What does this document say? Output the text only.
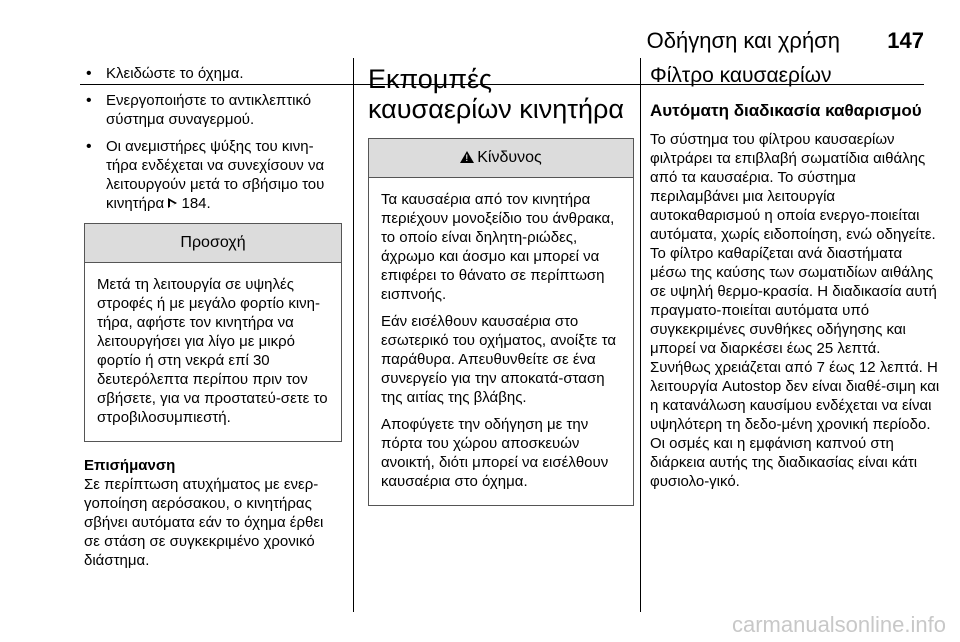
Οδήγηση και χρήση 147
• Κλειδώστε το όχημα.
• Ενεργοποιήστε το αντικλεπτικό σύστημα συναγερμού.
• Οι ανεμιστήρες ψύξης του κινη-τήρα ενδέχεται να συνεχίσουν να λειτουργούν μετά το σβήσιμο του κινητήρα 184.
Προσοχή

Μετά τη λειτουργία σε υψηλές στροφές ή με μεγάλο φορτίο κινη-τήρα, αφήστε τον κινητήρα να λειτουργήσει για λίγο με μικρό φορτίο ή στη νεκρά επί 30 δευτερόλεπτα περίπου πριν τον σβήσετε, για να προστατεύ-σετε το στροβιλοσυμπιεστή.

Επισήμανση

Σε περίπτωση ατυχήματος με ενερ-γοποίηση αερόσακου, ο κινητήρας σβήνει αυτόματα εάν το όχημα έρθει σε στάση σε συγκεκριμένο χρονικό διάστημα.

Εκπομπές καυσαερίων κινητήρα
!Κίνδυνος

Τα καυσαέρια από τον κινητήρα περιέχουν μονοξείδιο του άνθρακα, το οποίο είναι δηλητη-ριώδες, άχρωμο και άοσμο και μπορεί να επιφέρει το θάνατο σε περίπτωση εισπνοής.

Εάν εισέλθουν καυσαέρια στο εσωτερικό του οχήματος, ανοίξτε τα παράθυρα. Απευθυνθείτε σε ένα συνεργείο για την αποκατά-σταση της αιτίας της βλάβης.

Αποφύγετε την οδήγηση με την πόρτα του χώρου αποσκευών ανοικτή, διότι μπορεί να εισέλθουν καυσαέρια στο όχημα.

Φίλτρο καυσαερίων
Αυτόματη διαδικασία καθαρισμού

Το σύστημα του φίλτρου καυσαερίων φιλτράρει τα επιβλαβή σωματίδια αιθάλης από τα καυσαέρια. Το σύστημα περιλαμβάνει μια λειτουργία αυτοκαθαρισμού η οποία ενεργο-ποιείται αυτόματα, χωρίς ειδοποίηση, ενώ οδηγείτε. Το φίλτρο καθαρίζεται ανά διαστήματα μέσω της καύσης των σωματιδίων αιθάλης σε υψηλή θερμο-κρασία. Η διαδικασία αυτή πραγματο-ποιείται αυτόματα υπό συγκεκριμένες συνθήκες οδήγησης και μπορεί να διαρκέσει έως 25 λεπτά. Συνήθως χρειάζεται από 7 έως 12 λεπτά. Η λειτουργία Autostop δεν είναι διαθέ-σιμη και η κατανάλωση καυσίμου ενδέχεται να είναι υψηλότερη τη δεδο-μένη χρονική περίοδο. Οι οσμές και η εμφάνιση καπνού στη διάρκεια αυτής της διαδικασίας είναι κάτι φυσιολο-γικό.

carmanualsonline.info
